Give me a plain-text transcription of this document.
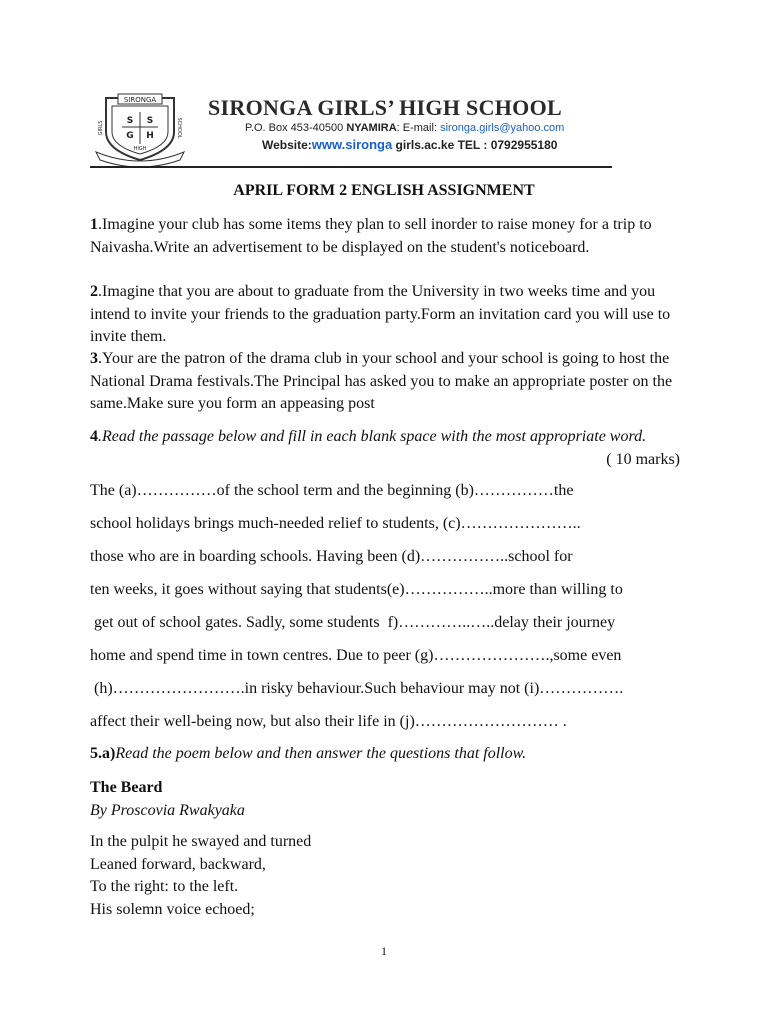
SIRONGA
GIRLS	SCHOOL
S S
G H
HIGH
SIRONGA GIRLS’ HIGH SCHOOL
P.O. Box 453-40500 NYAMIRA: E-mail: sironga.girls@yahoo.com
Website:www.sironga girls.ac.ke TEL : 0792955180
APRIL FORM 2 ENGLISH ASSIGNMENT
1.Imagine your club has some items they plan to sell inorder to raise money for a trip to Naivasha.Write an advertisement to be displayed on the student's noticeboard.
2.Imagine that you are about to graduate from the University in two weeks time and you intend to invite your friends to the graduation party.Form an invitation card you will use to invite them.
3.Your are the patron of the drama club in your school and your school is going to host the National Drama festivals.The Principal has asked you to make an appropriate poster on the same.Make sure you form an appeasing post
4.Read the passage below and fill in each blank space with the most appropriate word.
( 10 marks)
The (a)……………of the school term and the beginning (b)……………the
school holidays brings much-needed relief to students, (c)…………………..
those who are in boarding schools. Having been (d)……………..school for
ten weeks, it goes without saying that students(e)……………..more than willing to
get out of school gates. Sadly, some students  f)…………..…..delay their journey
home and spend time in town centres. Due to peer (g)………………….,some even
(h)…………………….in risky behaviour.Such behaviour may not (i)…………….
affect their well-being now, but also their life in (j)……………………… .
5.a)Read the poem below and then answer the questions that follow.
The Beard
By Proscovia Rwakyaka
In the pulpit he swayed and turned
Leaned forward, backward,
To the right: to the left.
His solemn voice echoed;
1
